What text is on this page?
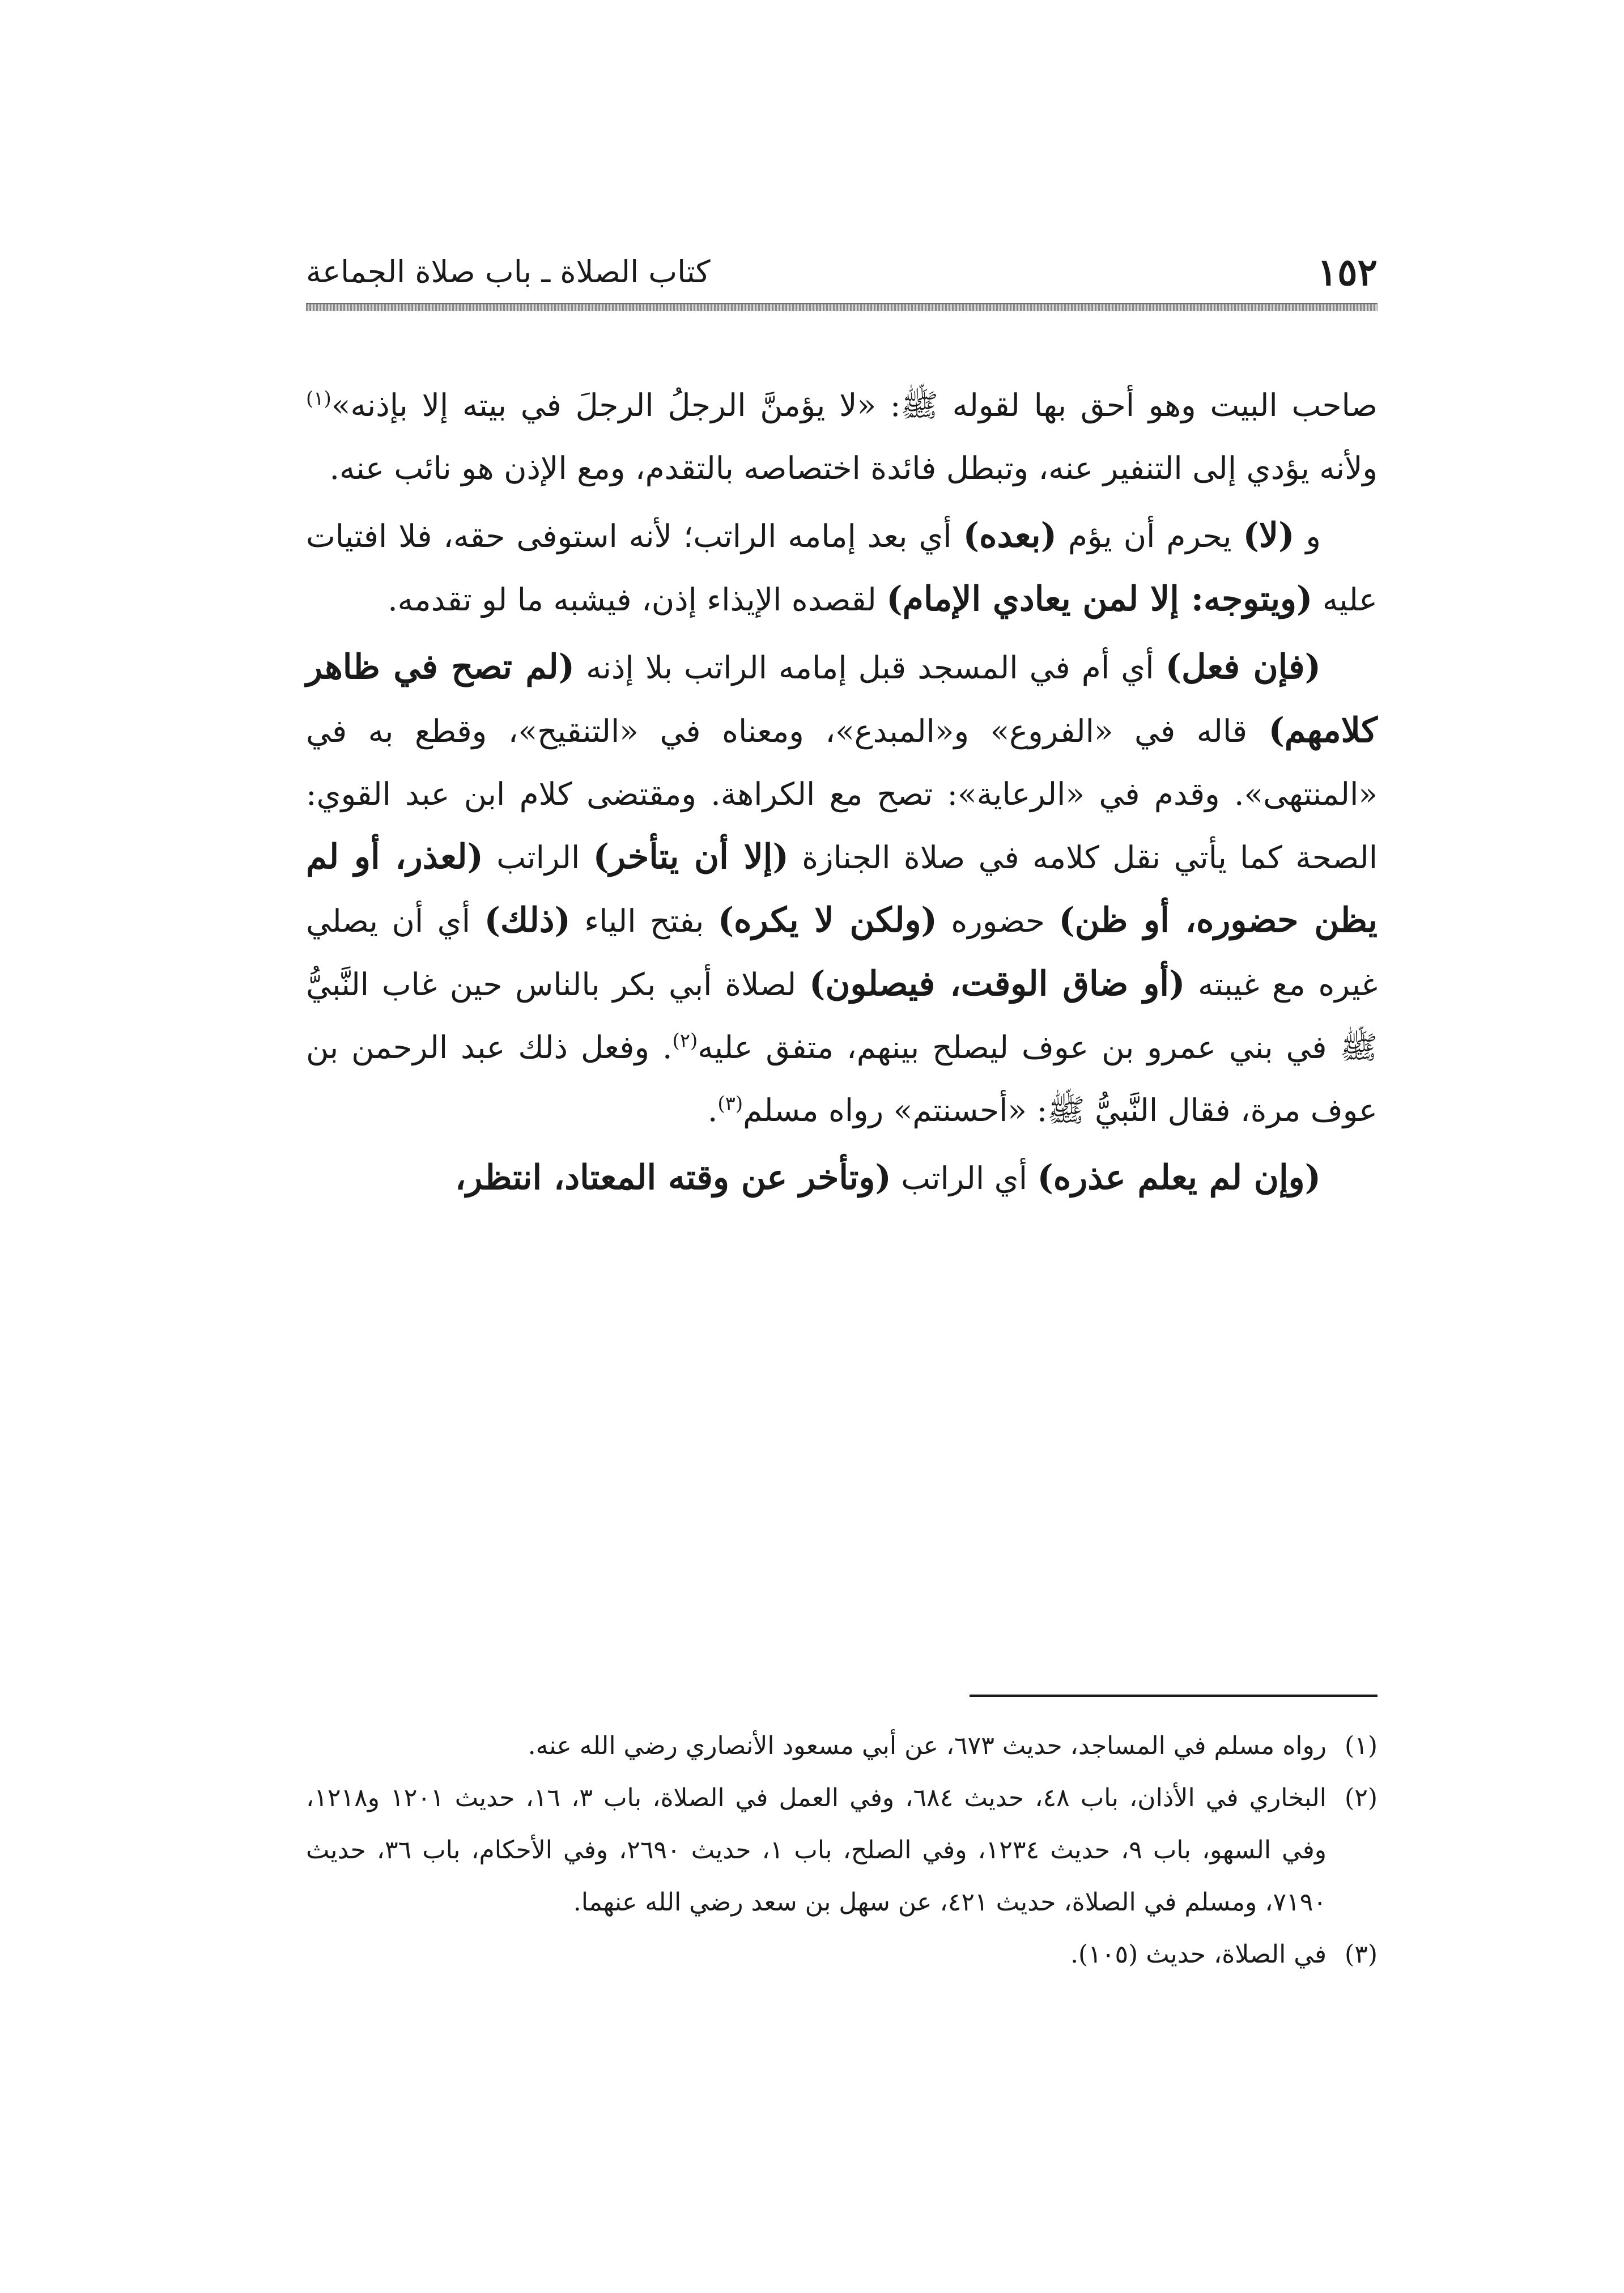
١٥٢
كتاب الصلاة ـ باب صلاة الجماعة

صاحب البيت وهو أحق بها لقوله ﷺ: «لا يؤمنَّ الرجلُ الرجلَ في بيته إلا بإذنه»$^{(١)}$ ولأنه يؤدي إلى التنفير عنه، وتبطل فائدة اختصاصه بالتقدم، ومع الإذن هو نائب عنه.

و (لا) يحرم أن يؤم (بعده) أي بعد إمامه الراتب؛ لأنه استوفى حقه، فلا افتيات عليه (ويتوجه: إلا لمن يعادي الإمام) لقصده الإيذاء إذن، فيشبه ما لو تقدمه.

(فإن فعل) أي أم في المسجد قبل إمامه الراتب بلا إذنه (لم تصح في ظاهر كلامهم) قاله في «الفروع» و«المبدع»، ومعناه في «التنقيح»، وقطع به في «المنتهى». وقدم في «الرعاية»: تصح مع الكراهة. ومقتضى كلام ابن عبد القوي: الصحة كما يأتي نقل كلامه في صلاة الجنازة (إلا أن يتأخر) الراتب (لعذر، أو لم يظن حضوره، أو ظن) حضوره (ولكن لا يكره) بفتح الياء (ذلك) أي أن يصلي غيره مع غيبته (أو ضاق الوقت، فيصلون) لصلاة أبي بكر بالناس حين غاب النَّبيُّ ﷺ في بني عمرو بن عوف ليصلح بينهم، متفق عليه$^{(٢)}$. وفعل ذلك عبد الرحمن بن عوف مرة، فقال النَّبيُّ ﷺ: «أحسنتم» رواه مسلم$^{(٣)}$.

(وإن لم يعلم عذره) أي الراتب (وتأخر عن وقته المعتاد، انتظر،

(١)
رواه مسلم في المساجد، حديث ٦٧٣، عن أبي مسعود الأنصاري رضي الله عنه.
(٢)
البخاري في الأذان، باب ٤٨، حديث ٦٨٤، وفي العمل في الصلاة، باب ٣، ١٦، حديث ١٢٠١ و١٢١٨، وفي السهو، باب ٩، حديث ١٢٣٤، وفي الصلح، باب ١، حديث ٢٦٩٠، وفي الأحكام، باب ٣٦، حديث ٧١٩٠، ومسلم في الصلاة، حديث ٤٢١، عن سهل بن سعد رضي الله عنهما.
(٣)
في الصلاة، حديث (١٠٥).
